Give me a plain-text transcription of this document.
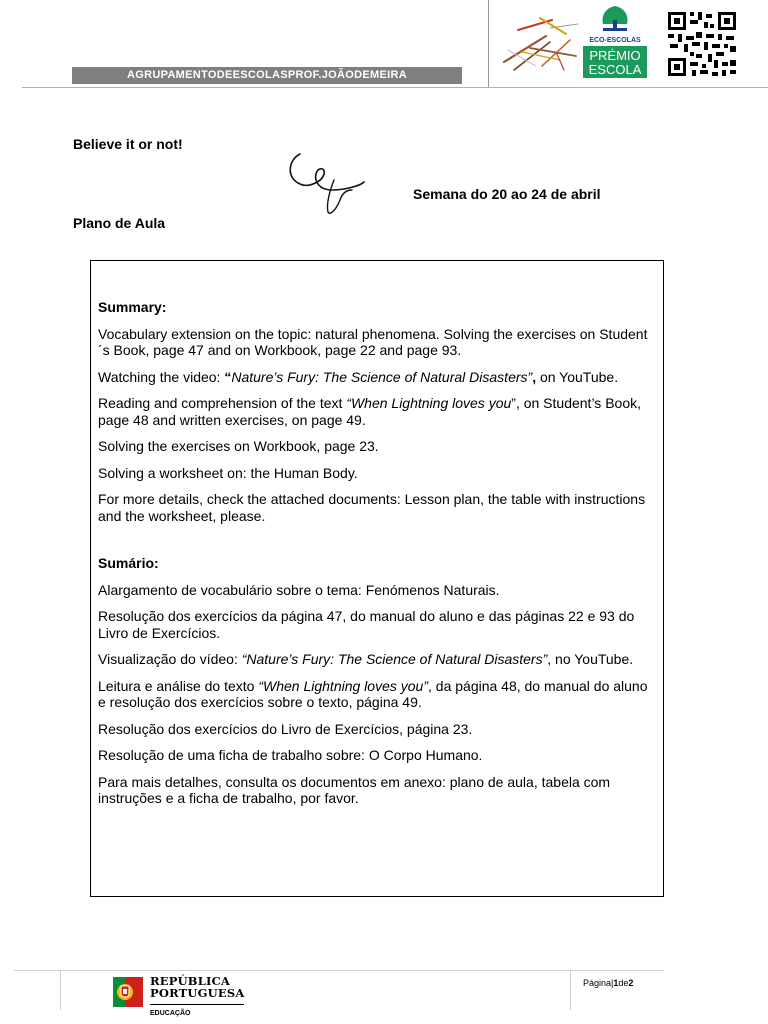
AGRUPAMENTODEESCOLASPROF.JOÃODEMEIRA
ECO-ESCOLAS
PRÉMIO
ESCOLA
Believe it or not!
Semana do 20 ao 24 de abril
Plano de Aula

Summary:

Vocabulary extension on the topic: natural phenomena. Solving the exercises on Student´s Book, page 47 and on Workbook, page 22 and page 93.

Watching the video: “Nature’s Fury: The Science of Natural Disasters”, on YouTube.

Reading and comprehension of the text “When Lightning loves you”, on Student’s Book, page 48 and written exercises, on page 49.

Solving the exercises on Workbook, page 23.

Solving a worksheet on: the Human Body.

For more details, check the attached documents: Lesson plan, the table with instructions and the worksheet, please.

Sumário:

Alargamento de vocabulário sobre o tema: Fenómenos Naturais.

Resolução dos exercícios da página 47, do manual do aluno e das páginas 22 e 93 do Livro de Exercícios.

Visualização do vídeo: “Nature’s Fury: The Science of Natural Disasters”, no YouTube.

Leitura e análise do texto “When Lightning loves you”, da página 48, do manual do aluno e resolução dos exercícios sobre o texto, página 49.

Resolução dos exercícios do Livro de Exercícios, página 23.

Resolução de uma ficha de trabalho sobre: O Corpo Humano.

Para mais detalhes, consulta os documentos em anexo: plano de aula, tabela com instruções e a ficha de trabalho, por favor.

REPÚBLICA
PORTUGUESA
EDUCAÇÃO
Página|1de2
